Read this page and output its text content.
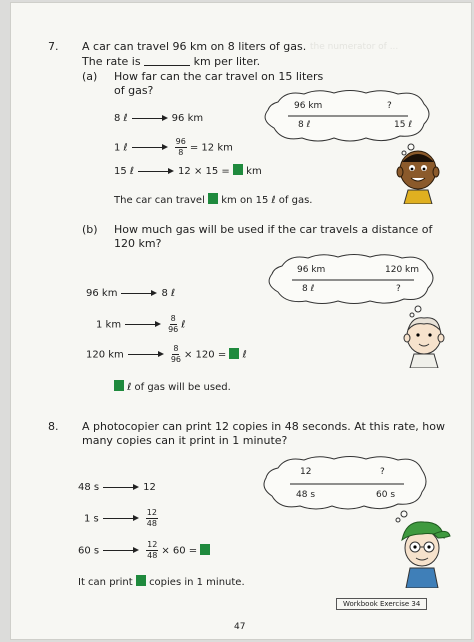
the numerator of ...
7. A car can travel 96 km on 8 liters of gas.
The rate is	km per liter.
(a) How far can the car travel on 15 liters
of gas?
8 ℓ	96 km
1 ℓ	$\frac{96}{8} = 12$ km
15 ℓ	12 × 15 = km
The car can travel km on 15 ℓ of gas.
96 km	?
8 ℓ	15 ℓ
(b) How much gas will be used if the car travels a distance of
120 km?
96 km	120 km
8 ℓ	?
96 km	8 ℓ
1 km	$\frac{8}{96}$ ℓ
120 km	$\frac{8}{96} \times 120$ = ℓ
ℓ of gas will be used.
8. A photocopier can print 12 copies in 48 seconds. At this rate, how
many copies can it print in 1 minute?
12	?
48 s	60 s
48 s	12
1 s	$\frac{12}{48}$
60 s	$\frac{12}{48} \times 60$ =
It can print copies in 1 minute.
Workbook Exercise 34
47
